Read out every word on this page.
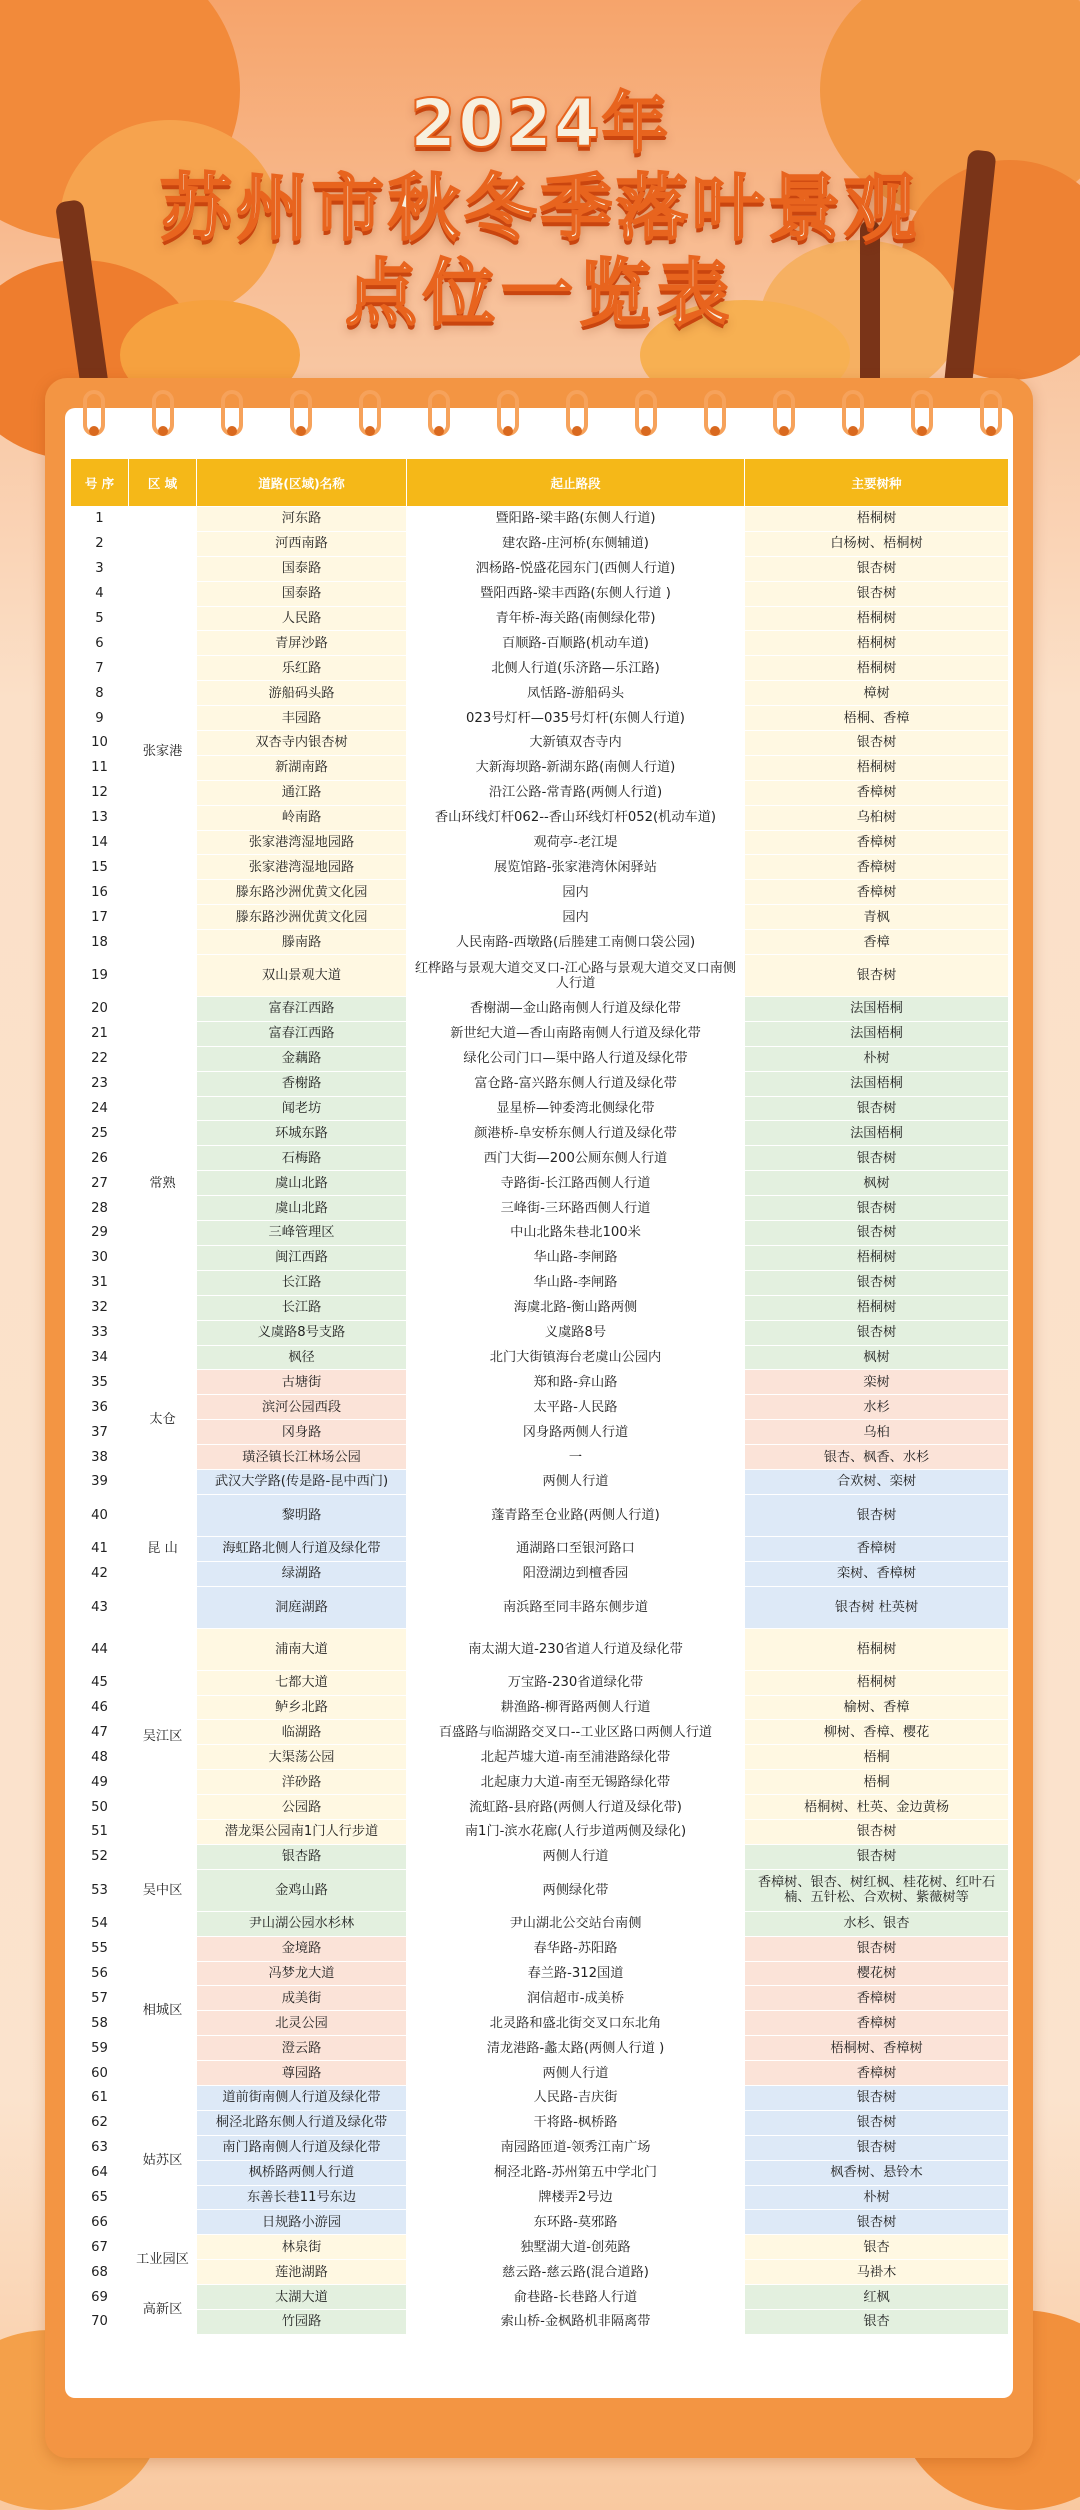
2024年
苏州市秋冬季落叶景观
点位一览表
号 序	区 域	道路(区域)名称	起止路段	主要树种
1	张家港	河东路	暨阳路-梁丰路(东侧人行道)	梧桐树
2		河西南路	建农路-庄河桥(东侧辅道)	白杨树、梧桐树
3		国泰路	泗杨路-悦盛花园东门(西侧人行道)	银杏树
4		国泰路	暨阳西路-梁丰西路(东侧人行道 )	银杏树
5		人民路	青年桥-海关路(南侧绿化带)	梧桐树
6		青屏沙路	百顺路-百顺路(机动车道)	梧桐树
7		乐红路	北侧人行道(乐济路—乐江路)	梧桐树
8		游船码头路	凤恬路-游船码头	樟树
9		丰园路	023号灯杆—035号灯杆(东侧人行道)	梧桐、香樟
10		双杏寺内银杏树	大新镇双杏寺内	银杏树
11		新湖南路	大新海坝路-新湖东路(南侧人行道)	梧桐树
12		通江路	沿江公路-常青路(两侧人行道)	香樟树
13		岭南路	香山环线灯杆062--香山环线灯杆052(机动车道)	乌桕树
14		张家港湾湿地园路	观荷亭-老江堤	香樟树
15		张家港湾湿地园路	展览馆路-张家港湾休闲驿站	香樟树
16		滕东路沙洲优黄文化园	园内	香樟树
17		滕东路沙洲优黄文化园	园内	青枫
18		滕南路	人民南路-西墩路(后塍建工南侧口袋公园)	香樟
19		双山景观大道	红桦路与景观大道交叉口-江心路与景观大道交叉口南侧人行道	银杏树
20	常熟	富春江西路	香榭湖—金山路南侧人行道及绿化带	法国梧桐
21		富春江西路	新世纪大道—香山南路南侧人行道及绿化带	法国梧桐
22		金藕路	绿化公司门口—渠中路人行道及绿化带	朴树
23		香榭路	富仓路-富兴路东侧人行道及绿化带	法国梧桐
24		闻老坊	显星桥—钟委湾北侧绿化带	银杏树
25		环城东路	颜港桥-阜安桥东侧人行道及绿化带	法国梧桐
26		石梅路	西门大街—200公厕东侧人行道	银杏树
27		虞山北路	寺路街-长江路西侧人行道	枫树
28		虞山北路	三峰街-三环路西侧人行道	银杏树
29		三峰管理区	中山北路朱巷北100米	银杏树
30		闽江西路	华山路-李闸路	梧桐树
31		长江路	华山路-李闸路	银杏树
32		长江路	海虞北路-衡山路两侧	梧桐树
33		义虞路8号支路	义虞路8号	银杏树
34		枫径	北门大街镇海台老虞山公园内	枫树
35	太仓	古塘街	郑和路-弇山路	栾树
36		滨河公园西段	太平路-人民路	水杉
37		冈身路	冈身路两侧人行道	乌桕
38		璜泾镇长江林场公园	一	银杏、枫香、水杉
39	昆 山	武汉大学路(传是路-昆中西门)	两侧人行道	合欢树、栾树
40		黎明路	蓬青路至仓业路(两侧人行道)	银杏树
41		海虹路北侧人行道及绿化带	通湖路口至银河路口	香樟树
42		绿湖路	阳澄湖边到檀香园	栾树、香樟树
43		洞庭湖路	南浜路至同丰路东侧步道	银杏树 杜英树
44	吴江区	浦南大道	南太湖大道-230省道人行道及绿化带	梧桐树
45		七都大道	万宝路-230省道绿化带	梧桐树
46		鲈乡北路	耕渔路-柳胥路两侧人行道	榆树、香樟
47		临湖路	百盛路与临湖路交叉口--工业区路口两侧人行道	柳树、香樟、樱花
48		大渠荡公园	北起芦墟大道-南至浦港路绿化带	梧桐
49		洋砂路	北起康力大道-南至无锡路绿化带	梧桐
50		公园路	流虹路-县府路(两侧人行道及绿化带)	梧桐树、杜英、金边黄杨
51		潜龙渠公园南1门人行步道	南1门-滨水花廊(人行步道两侧及绿化)	银杏树
52	吴中区	银杏路	两侧人行道	银杏树
53		金鸡山路	两侧绿化带	香樟树、银杏、树红枫、桂花树、红叶石楠、五针松、合欢树、紫薇树等
54		尹山湖公园水杉林	尹山湖北公交站台南侧	水杉、银杏
55	相城区	金境路	春华路-苏阳路	银杏树
56		冯梦龙大道	春兰路-312国道	樱花树
57		成美街	润信超市-成美桥	香樟树
58		北灵公园	北灵路和盛北街交叉口东北角	香樟树
59		澄云路	清龙港路-蠡太路(两侧人行道 )	梧桐树、香樟树
60		尊园路	两侧人行道	香樟树
61	姑苏区	道前街南侧人行道及绿化带	人民路-吉庆街	银杏树
62		桐泾北路东侧人行道及绿化带	干将路-枫桥路	银杏树
63		南门路南侧人行道及绿化带	南园路匝道-领秀江南广场	银杏树
64		枫桥路两侧人行道	桐泾北路-苏州第五中学北门	枫香树、悬铃木
65		东善长巷11号东边	牌楼弄2号边	朴树
66		日规路小游园	东环路-莫邪路	银杏树
67	工业园区	林泉街	独墅湖大道-创苑路	银杏
68		莲池湖路	慈云路-慈云路(混合道路)	马褂木
69	高新区	太湖大道	俞巷路-长巷路人行道	红枫
70		竹园路	索山桥-金枫路机非隔离带	银杏
